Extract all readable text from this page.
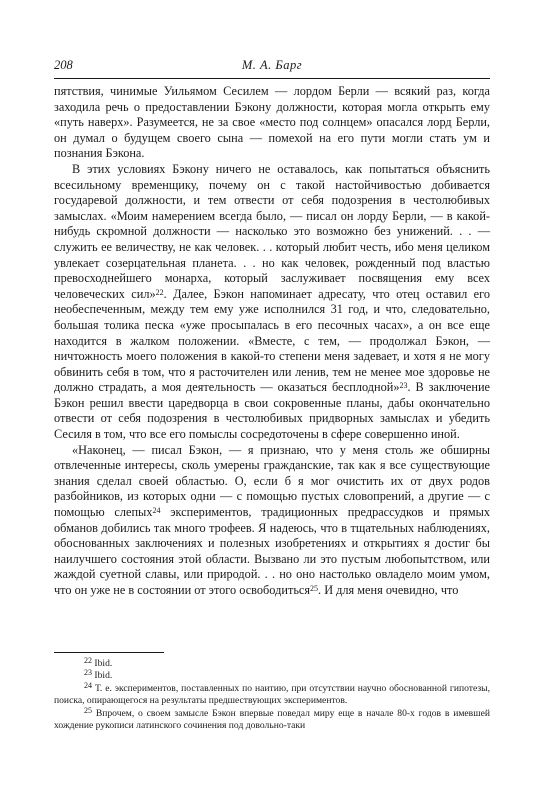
208	М. А. Барг

пятствия, чинимые Уильямом Сесилем — лордом Берли — всякий раз, когда заходила речь о предоставлении Бэкону должности, которая могла открыть ему «путь наверх». Разумеется, не за свое «место под солнцем» опасался лорд Берли, он думал о будущем своего сына — помехой на его пути могли стать ум и познания Бэкона.

В этих условиях Бэкону ничего не оставалось, как попытаться объяснить всесильному временщику, почему он с такой настойчивостью добивается государевой должности, и тем отвести от себя подозрения в честолюбивых замыслах. «Моим намерением всегда было, — писал он лорду Берли, — в какой-нибудь скромной должности — насколько это возможно без унижений. . . — служить ее величеству, не как человек. . . который любит честь, ибо меня целиком увлекает созерцательная планета. . . но как человек, рожденный под властью превосходнейшего монарха, который заслуживает посвящения ему всех человеческих сил»$^{22}$. Далее, Бэкон напоминает адресату, что отец оставил его необеспеченным, между тем ему уже исполнился 31 год, и что, следовательно, большая толика песка «уже просыпалась в его песочных часах», а он все еще находится в жалком положении. «Вместе, с тем, — продолжал Бэкон, — ничтожность моего положения в какой-то степени меня задевает, и хотя я не могу обвинить себя в том, что я расточителен или ленив, тем не менее мое здоровье не должно страдать, а моя деятельность — оказаться бесплодной»$^{23}$. В заключение Бэкон решил ввести царедворца в свои сокровенные планы, дабы окончательно отвести от себя подозрения в честолюбивых придворных замыслах и убедить Сесиля в том, что все его помыслы сосредоточены в сфере совершенно иной.

«Наконец, — писал Бэкон, — я признаю, что у меня столь же обширны отвлеченные интересы, сколь умерены гражданские, так как я все существующие знания сделал своей областью. О, если б я мог очистить их от двух родов разбойников, из которых одни — с помощью пустых словопрений, а другие — с помощью слепых$^{24}$ экспериментов, традиционных предрассудков и прямых обманов добились так много трофеев. Я надеюсь, что в тщательных наблюдениях, обоснованных заключениях и полезных изобретениях и открытиях я достиг бы наилучшего состояния этой области. Вызвано ли это пустым любопытством, или жаждой суетной славы, или природой. . . но оно настолько овладело моим умом, что он уже не в состоянии от этого освободиться$^{25}$. И для меня очевидно, что

$^{22}$ Ibid.

$^{23}$ Ibid.

$^{24}$ Т. е. экспериментов, поставленных по наитию, при отсутствии научно обоснованной гипотезы, поиска, опирающегося на результаты предшествующих экспериментов.

$^{25}$ Впрочем, о своем замысле Бэкон впервые поведал миру еще в начале 80-х годов в имевшей хождение рукописи латинского сочинения под довольно-таки
